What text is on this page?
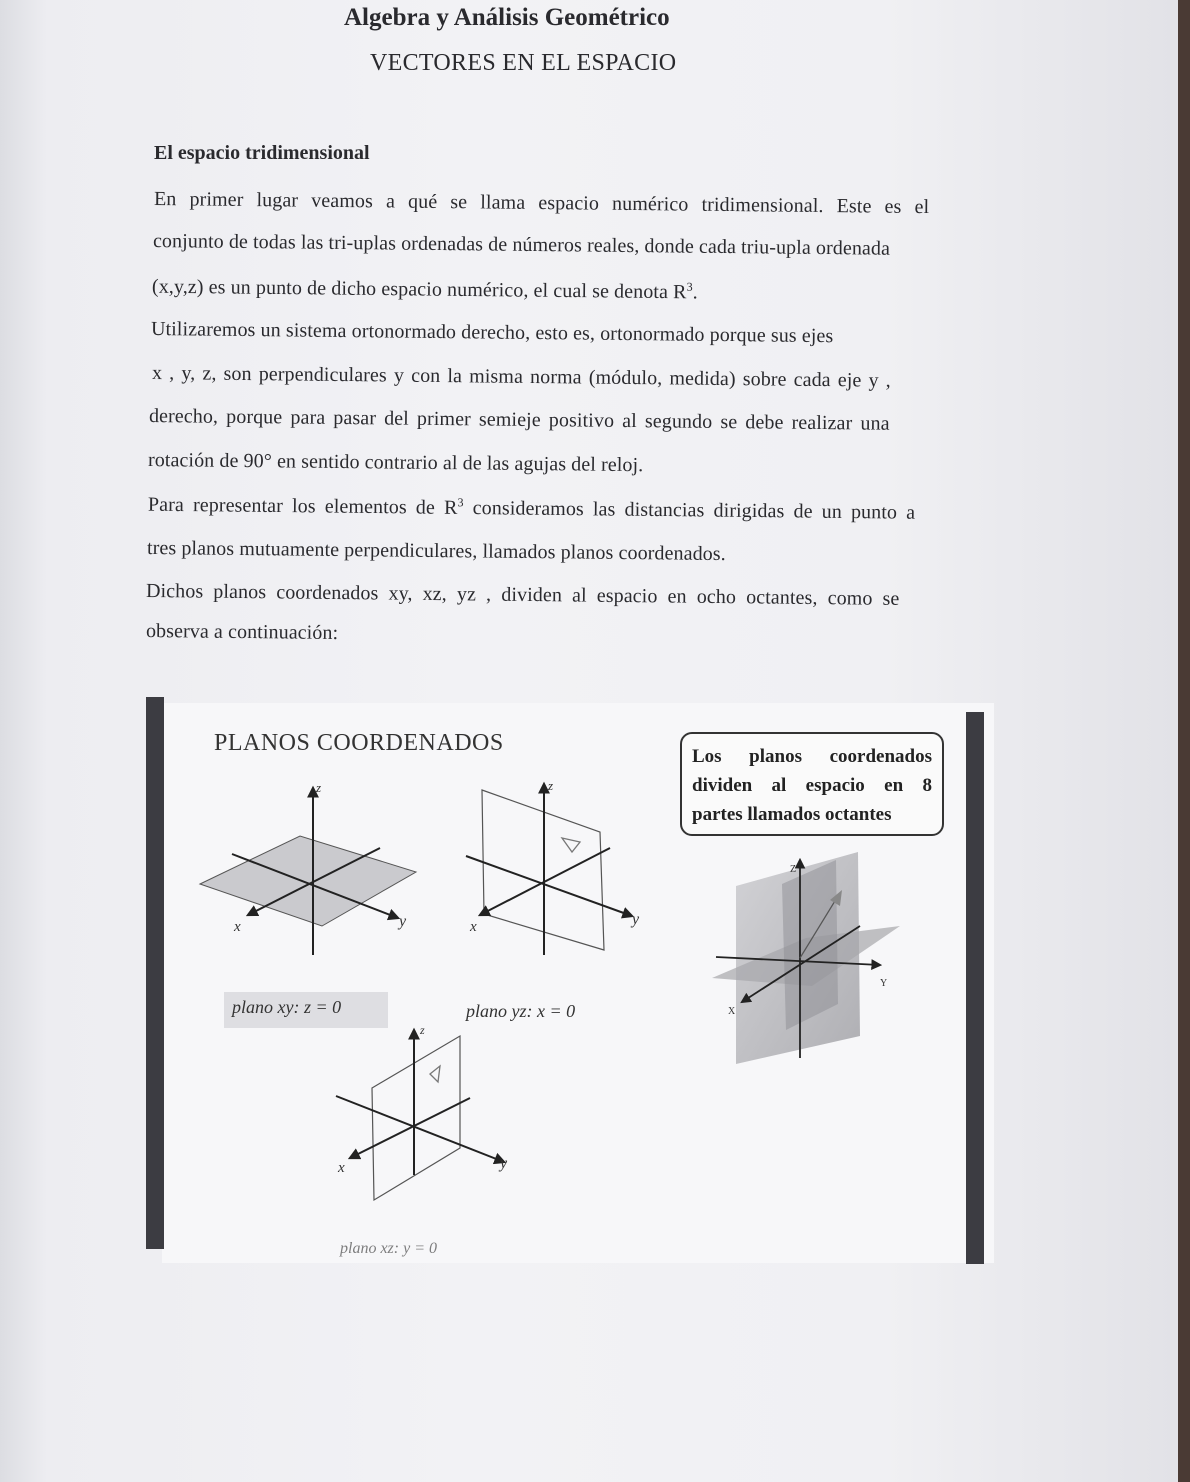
Algebra y Análisis Geométrico
VECTORES EN EL ESPACIO
El espacio tridimensional
En primer lugar veamos a qué se llama espacio numérico tridimensional. Este es el
conjunto de todas las tri-uplas ordenadas de números reales, donde cada triu-upla ordenada
(x,y,z) es un punto de dicho espacio numérico, el cual se denota $R^3$.
Utilizaremos un sistema ortonormado derecho, esto es, ortonormado porque sus ejes
x , y, z, son perpendiculares y con la misma norma (módulo, medida) sobre cada eje y ,
derecho, porque para pasar del primer semieje positivo al segundo se debe realizar una
rotación de 90° en sentido contrario al de las agujas del reloj.
Para representar los elementos de $R^3$ consideramos las distancias dirigidas de un punto a
tres planos mutuamente perpendiculares, llamados planos coordenados.
Dichos planos coordenados xy, xz, yz , dividen al espacio en ocho octantes, como se
observa a continuación:
PLANOS COORDENADOS
Los planos coordenados
dividen al espacio en 8
partes llamados octantes
z
y
x
z
y
x
z
y
x
Z
Y
X
plano xy: z = 0	plano yz: x = 0
plano xz: y = 0
